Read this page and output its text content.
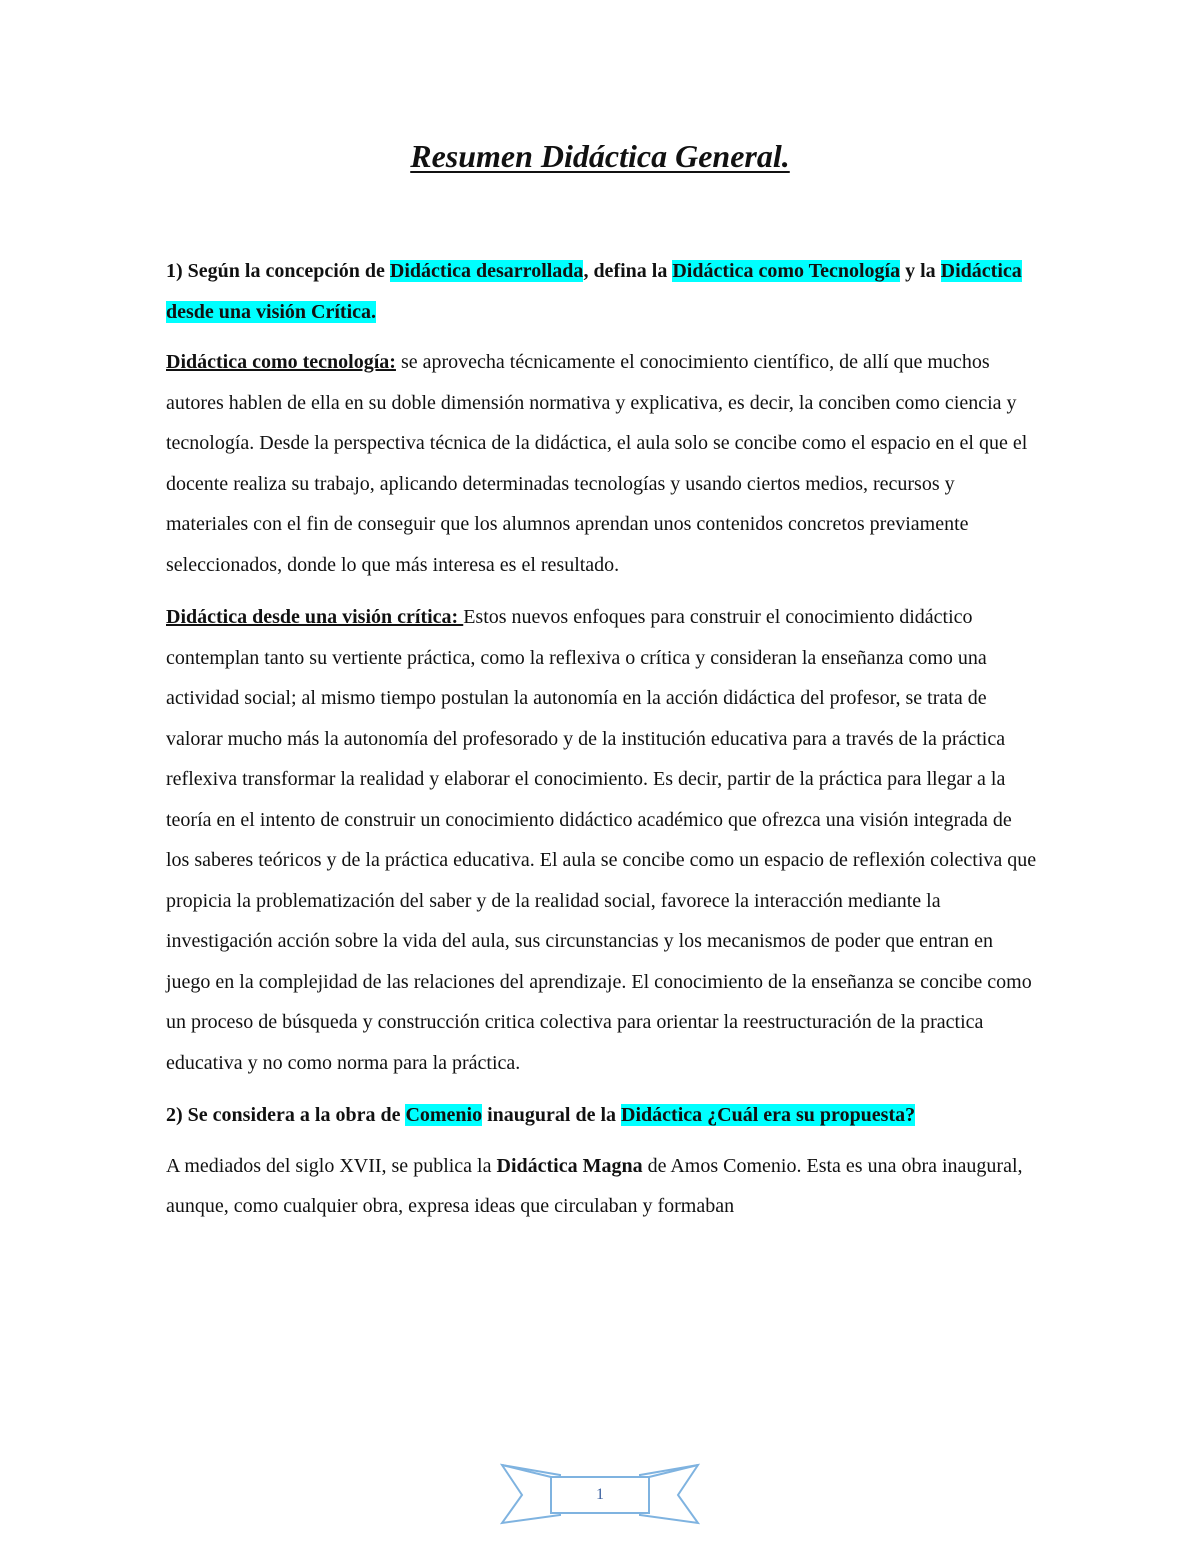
Resumen Didáctica General.
1) Según la concepción de Didáctica desarrollada, defina la Didáctica como Tecnología y la Didáctica desde una visión Crítica.
Didáctica como tecnología: se aprovecha técnicamente el conocimiento científico, de allí que muchos autores hablen de ella en su doble dimensión normativa y explicativa, es decir, la conciben como ciencia y tecnología. Desde la perspectiva técnica de la didáctica, el aula solo se concibe como el espacio en el que el docente realiza su trabajo, aplicando determinadas tecnologías y usando ciertos medios, recursos y materiales con el fin de conseguir que los alumnos aprendan unos contenidos concretos previamente seleccionados, donde lo que más interesa es el resultado.
Didáctica desde una visión crítica: Estos nuevos enfoques para construir el conocimiento didáctico contemplan tanto su vertiente práctica, como la reflexiva o crítica y consideran la enseñanza como una actividad social; al mismo tiempo postulan la autonomía en la acción didáctica del profesor, se trata de valorar mucho más la autonomía del profesorado y de la institución educativa para a través de la práctica reflexiva transformar la realidad y elaborar el conocimiento. Es decir, partir de la práctica para llegar a la teoría en el intento de construir un conocimiento didáctico académico que ofrezca una visión integrada de los saberes teóricos y de la práctica educativa. El aula se concibe como un espacio de reflexión colectiva que propicia la problematización del saber y de la realidad social, favorece la interacción mediante la investigación acción sobre la vida del aula, sus circunstancias y los mecanismos de poder que entran en juego en la complejidad de las relaciones del aprendizaje. El conocimiento de la enseñanza se concibe como un proceso de búsqueda y construcción critica colectiva para orientar la reestructuración de la practica educativa y no como norma para la práctica.
2) Se considera a la obra de Comenio inaugural de la Didáctica ¿Cuál era su propuesta?
A mediados del siglo XVII, se publica la Didáctica Magna de Amos Comenio. Esta es una obra inaugural, aunque, como cualquier obra, expresa ideas que circulaban y formaban
1
